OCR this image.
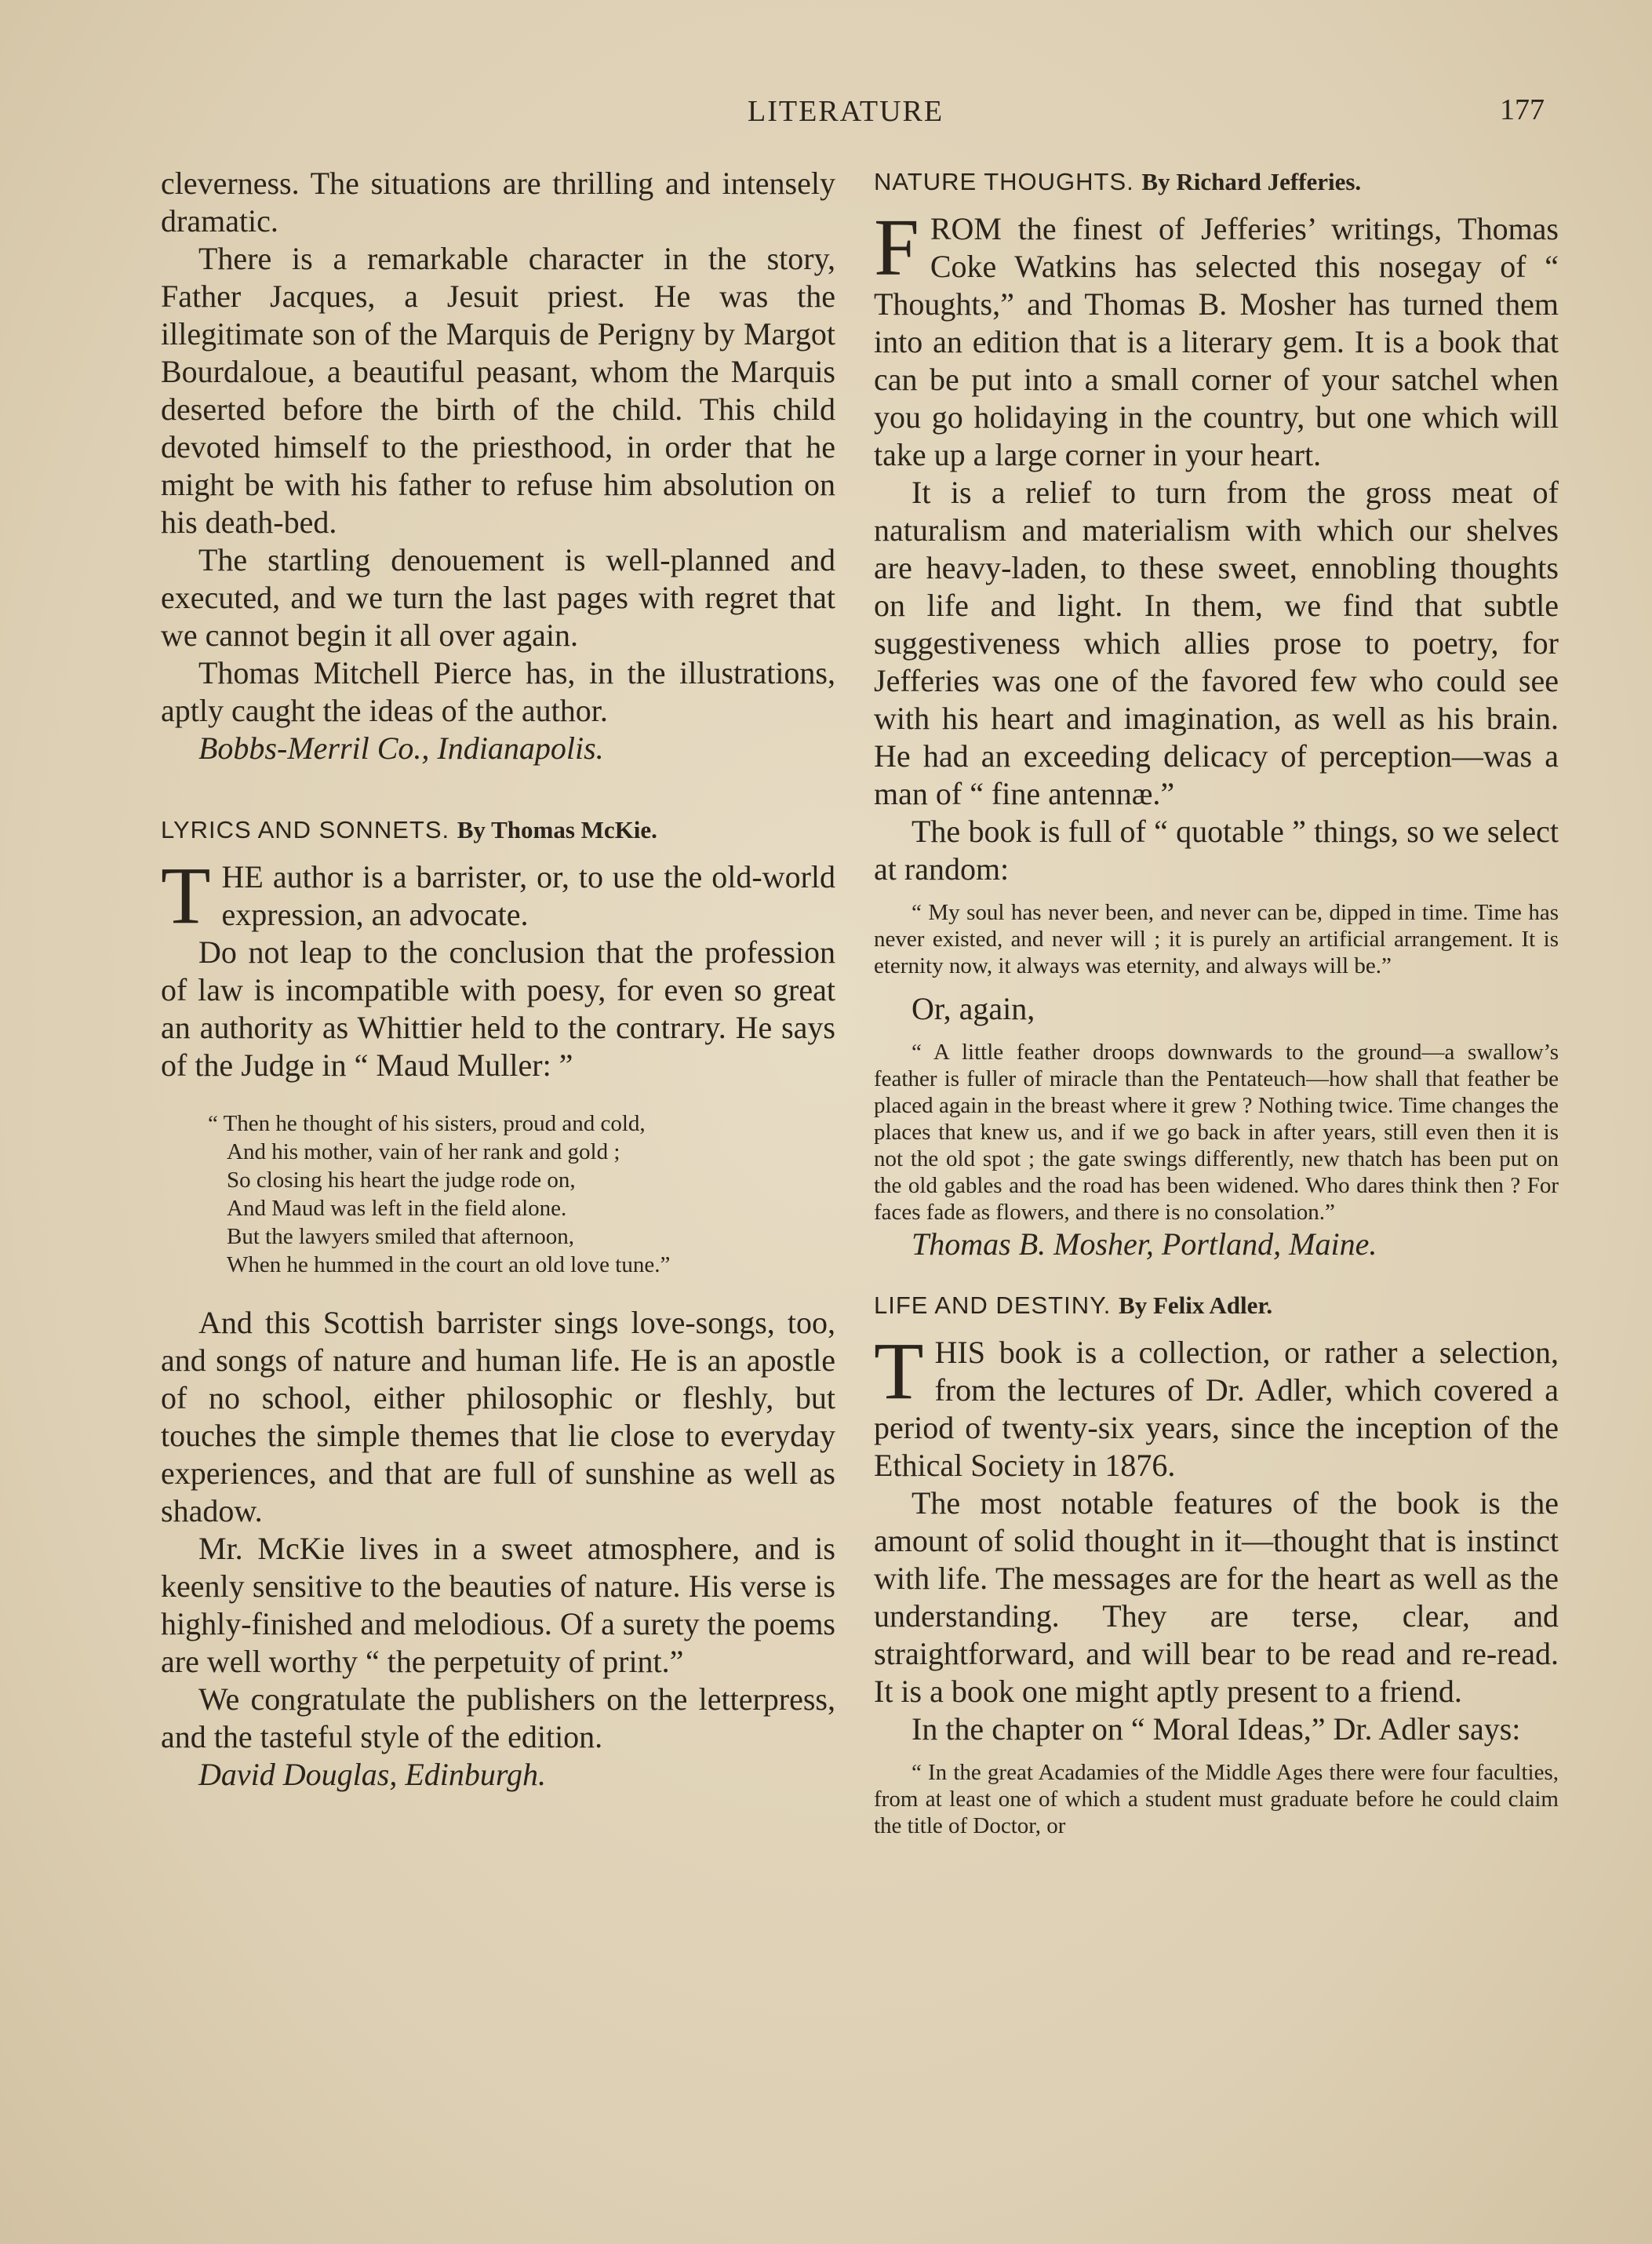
LITERATURE	177

cleverness. The situations are thrilling and intensely dramatic.

There is a remarkable character in the story, Father Jacques, a Jesuit priest. He was the illegitimate son of the Marquis de Perigny by Margot Bourdaloue, a beautiful peasant, whom the Marquis deserted before the birth of the child. This child devoted himself to the priesthood, in order that he might be with his father to refuse him absolution on his death-bed.

The startling denouement is well-planned and executed, and we turn the last pages with regret that we cannot begin it all over again.

Thomas Mitchell Pierce has, in the illustrations, aptly caught the ideas of the author.

Bobbs-Merril Co., Indianapolis.

LYRICS AND SONNETS. By Thomas McKie.

THE author is a barrister, or, to use the old-world expression, an advocate.

Do not leap to the conclusion that the profession of law is incompatible with poesy, for even so great an authority as Whittier held to the contrary. He says of the Judge in “ Maud Muller: ”

“ Then he thought of his sisters, proud and cold,
And his mother, vain of her rank and gold ;
So closing his heart the judge rode on,
And Maud was left in the field alone.
But the lawyers smiled that afternoon,
When he hummed in the court an old love tune.”

And this Scottish barrister sings love-songs, too, and songs of nature and human life. He is an apostle of no school, either philosophic or fleshly, but touches the simple themes that lie close to everyday experiences, and that are full of sunshine as well as shadow.

Mr. McKie lives in a sweet atmosphere, and is keenly sensitive to the beauties of nature. His verse is highly-finished and melodious. Of a surety the poems are well worthy “ the perpetuity of print.”

We congratulate the publishers on the letterpress, and the tasteful style of the edition.

David Douglas, Edinburgh.

NATURE THOUGHTS. By Richard Jefferies.

FROM the finest of Jefferies’ writings, Thomas Coke Watkins has selected this nosegay of “ Thoughts,” and Thomas B. Mosher has turned them into an edition that is a literary gem. It is a book that can be put into a small corner of your satchel when you go holidaying in the country, but one which will take up a large corner in your heart.

It is a relief to turn from the gross meat of naturalism and materialism with which our shelves are heavy-laden, to these sweet, ennobling thoughts on life and light. In them, we find that subtle suggestiveness which allies prose to poetry, for Jefferies was one of the favored few who could see with his heart and imagination, as well as his brain. He had an exceeding delicacy of perception—was a man of “ fine antennæ.”

The book is full of “ quotable ” things, so we select at random:

“ My soul has never been, and never can be, dipped in time. Time has never existed, and never will ; it is purely an artificial arrangement. It is eternity now, it always was eternity, and always will be.”

Or, again,

“ A little feather droops downwards to the ground—a swallow’s feather is fuller of miracle than the Pentateuch—how shall that feather be placed again in the breast where it grew ? Nothing twice. Time changes the places that knew us, and if we go back in after years, still even then it is not the old spot ; the gate swings differently, new thatch has been put on the old gables and the road has been widened. Who dares think then ? For faces fade as flowers, and there is no consolation.”

Thomas B. Mosher, Portland, Maine.

LIFE AND DESTINY. By Felix Adler.

THIS book is a collection, or rather a selection, from the lectures of Dr. Adler, which covered a period of twenty-six years, since the inception of the Ethical Society in 1876.

The most notable features of the book is the amount of solid thought in it—thought that is instinct with life. The messages are for the heart as well as the understanding. They are terse, clear, and straightforward, and will bear to be read and re-read. It is a book one might aptly present to a friend.

In the chapter on “ Moral Ideas,” Dr. Adler says:

“ In the great Acadamies of the Middle Ages there were four faculties, from at least one of which a student must graduate before he could claim the title of Doctor, or
